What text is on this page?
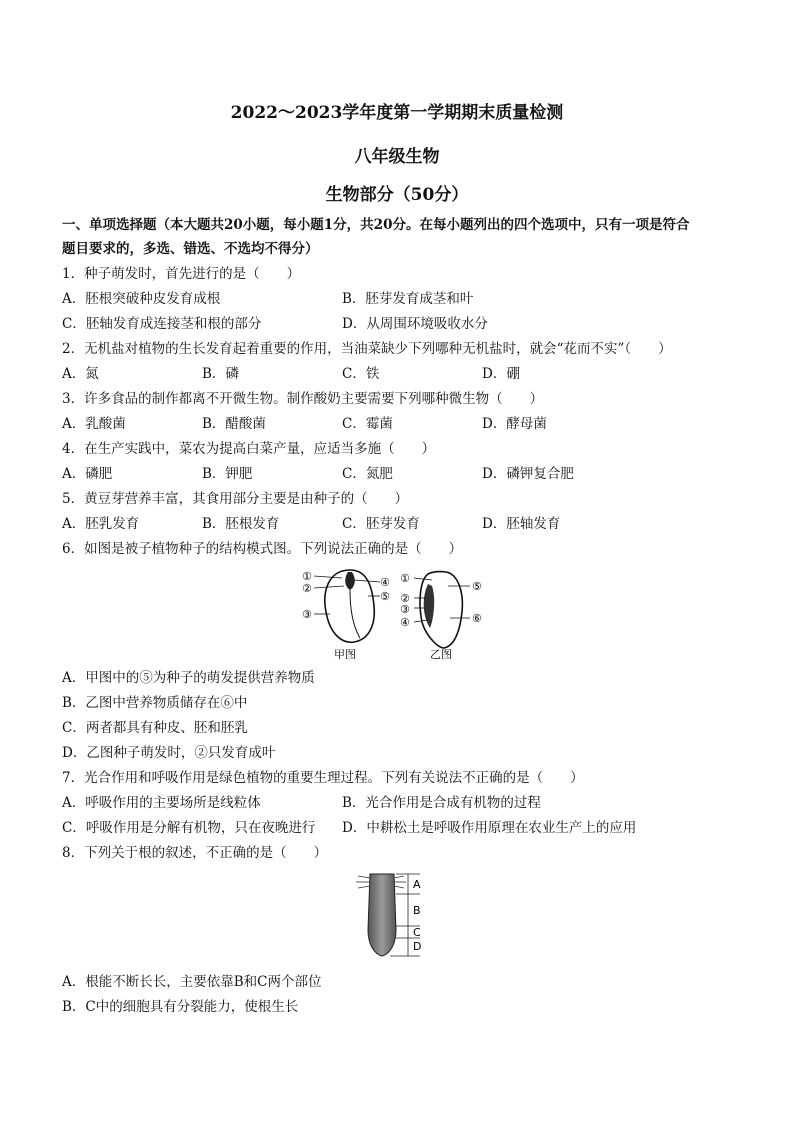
2022～2023学年度第一学期期末质量检测
八年级生物
生物部分（50分）
一、单项选择题（本大题共20小题，每小题1分，共20分。在每小题列出的四个选项中，只有一项是符合
题目要求的，多选、错选、不选均不得分）
1．种子萌发时，首先进行的是（　　）
A．胚根突破种皮发育成根	B．胚芽发育成茎和叶
C．胚轴发育成连接茎和根的部分	D．从周围环境吸收水分
2．无机盐对植物的生长发育起着重要的作用，当油菜缺少下列哪种无机盐时，就会“花而不实”（　　）
A．氮	B．磷	C．铁	D．硼
3．许多食品的制作都离不开微生物。制作酸奶主要需要下列哪种微生物（　　）
A．乳酸菌	B．醋酸菌	C．霉菌	D．酵母菌
4．在生产实践中，菜农为提高白菜产量，应适当多施（　　）
A．磷肥	B．钾肥	C．氮肥	D．磷钾复合肥
5．黄豆芽营养丰富，其食用部分主要是由种子的（　　）
A．胚乳发育	B．胚根发育	C．胚芽发育	D．胚轴发育
6．如图是被子植物种子的结构模式图。下列说法正确的是（　　）
①
②
③
④
⑤
甲图
①
②
③
④
⑤
⑥
乙图
A．甲图中的⑤为种子的萌发提供营养物质
B．乙图中营养物质储存在⑥中
C．两者都具有种皮、胚和胚乳
D．乙图种子萌发时，②只发育成叶
7．光合作用和呼吸作用是绿色植物的重要生理过程。下列有关说法不正确的是（　　）
A．呼吸作用的主要场所是线粒体	B．光合作用是合成有机物的过程
C．呼吸作用是分解有机物，只在夜晚进行 D．中耕松土是呼吸作用原理在农业生产上的应用
8．下列关于根的叙述，不正确的是（　　）
A
B
C
D
A．根能不断长长，主要依靠B和C两个部位
B．C中的细胞具有分裂能力，使根生长
